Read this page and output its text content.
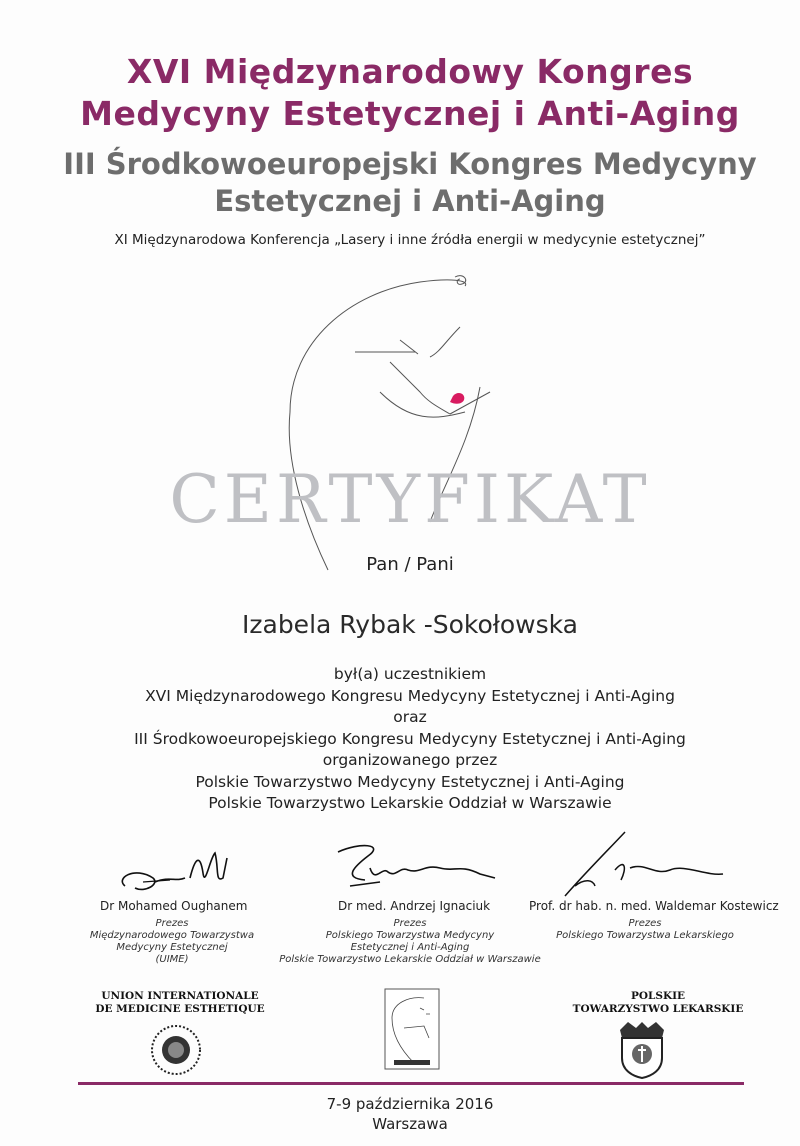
XVI Międzynarodowy Kongres
Medycyny Estetycznej i Anti-Aging
III Środkowoeuropejski Kongres Medycyny
Estetycznej i Anti-Aging
XI Międzynarodowa Konferencja „Lasery i inne źródła energii w medycynie estetycznej”
CERTYFIKAT
Pan / Pani
Izabela Rybak -Sokołowska
był(a) uczestnikiem
XVI Międzynarodowego Kongresu Medycyny Estetycznej i Anti-Aging
oraz
III Środkowoeuropejskiego Kongresu Medycyny Estetycznej i Anti-Aging
organizowanego przez
Polskie Towarzystwo Medycyny Estetycznej i Anti-Aging
Polskie Towarzystwo Lekarskie Oddział w Warszawie
Dr Mohamed Oughanem	Dr med. Andrzej Ignaciuk	Prof. dr hab. n. med. Waldemar Kostewicz
Prezes
Międzynarodowego Towarzystwa
Medycyny Estetycznej
(UIME)
Prezes
Polskiego Towarzystwa Medycyny
Estetycznej i Anti-Aging
Polskie Towarzystwo Lekarskie Oddział w Warszawie
Prezes
Polskiego Towarzystwa Lekarskiego
UNION INTERNATIONALE
DE MEDICINE ESTHETIQUE
POLSKIE
TOWARZYSTWO LEKARSKIE
7-9 października 2016
Warszawa
